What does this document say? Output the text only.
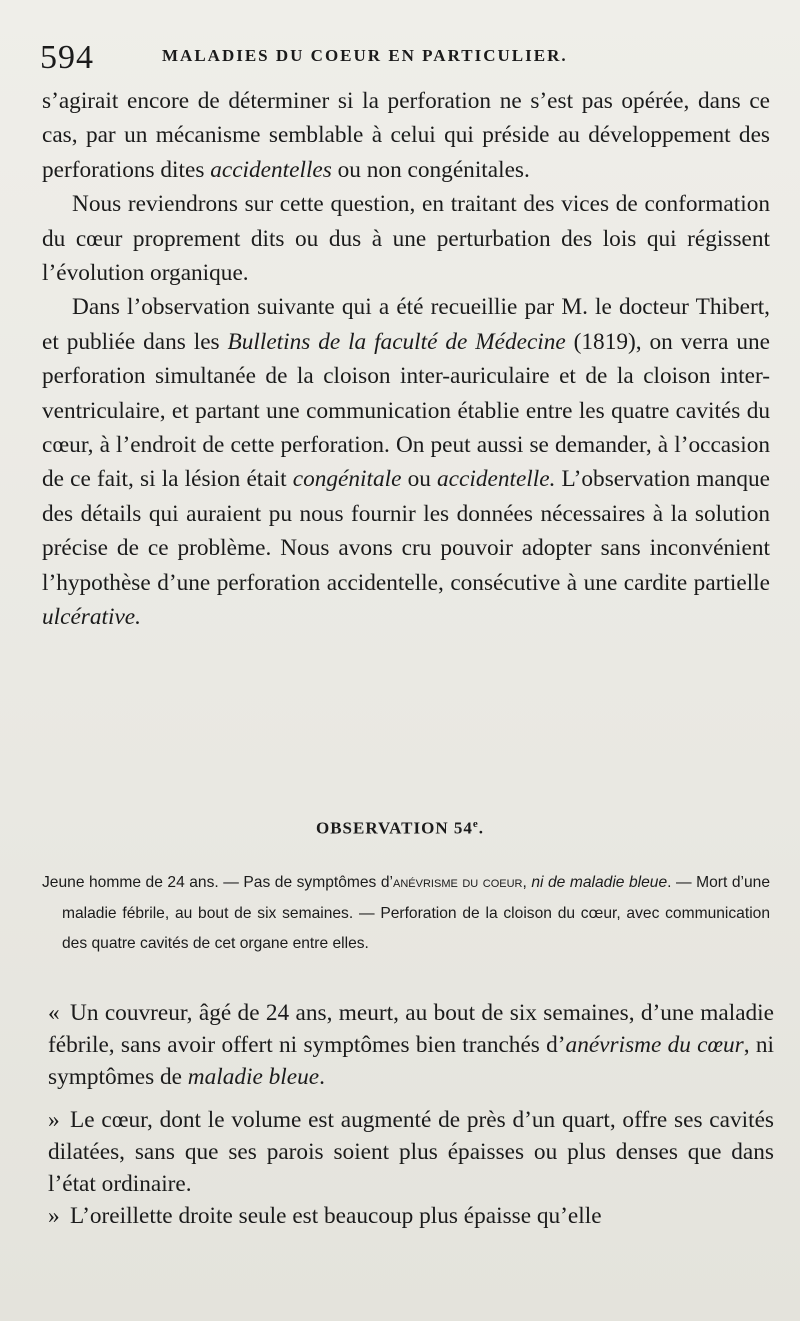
594	MALADIES DU COEUR EN PARTICULIER.

s’agirait encore de déterminer si la perforation ne s’est pas opérée, dans ce cas, par un mécanisme semblable à celui qui préside au développement des perforations dites accidentelles ou non congénitales.

Nous reviendrons sur cette question, en traitant des vices de conformation du cœur proprement dits ou dus à une perturbation des lois qui régissent l’évolution organique.

Dans l’observation suivante qui a été recueillie par M. le docteur Thibert, et publiée dans les Bulletins de la faculté de Médecine (1819), on verra une perforation simultanée de la cloison inter-auriculaire et de la cloison inter-ventriculaire, et partant une communication établie entre les quatre cavités du cœur, à l’endroit de cette perforation. On peut aussi se demander, à l’occasion de ce fait, si la lésion était congénitale ou accidentelle. L’observation manque des détails qui auraient pu nous fournir les données nécessaires à la solution précise de ce problème. Nous avons cru pouvoir adopter sans inconvénient l’hypothèse d’une perforation accidentelle, consécutive à une cardite partielle ulcérative.

OBSERVATION 54e.

Jeune homme de 24 ans. — Pas de symptômes d’anévrisme du coeur, ni de maladie bleue. — Mort d’une maladie fébrile, au bout de six semaines. — Perforation de la cloison du cœur, avec communication des quatre cavités de cet organe entre elles.

« Un couvreur, âgé de 24 ans, meurt, au bout de six semaines, d’une maladie fébrile, sans avoir offert ni symptômes bien tranchés d’anévrisme du cœur, ni symptômes de maladie bleue.

» Le cœur, dont le volume est augmenté de près d’un quart, offre ses cavités dilatées, sans que ses parois soient plus épaisses ou plus denses que dans l’état ordinaire.

» L’oreillette droite seule est beaucoup plus épaisse qu’elle
